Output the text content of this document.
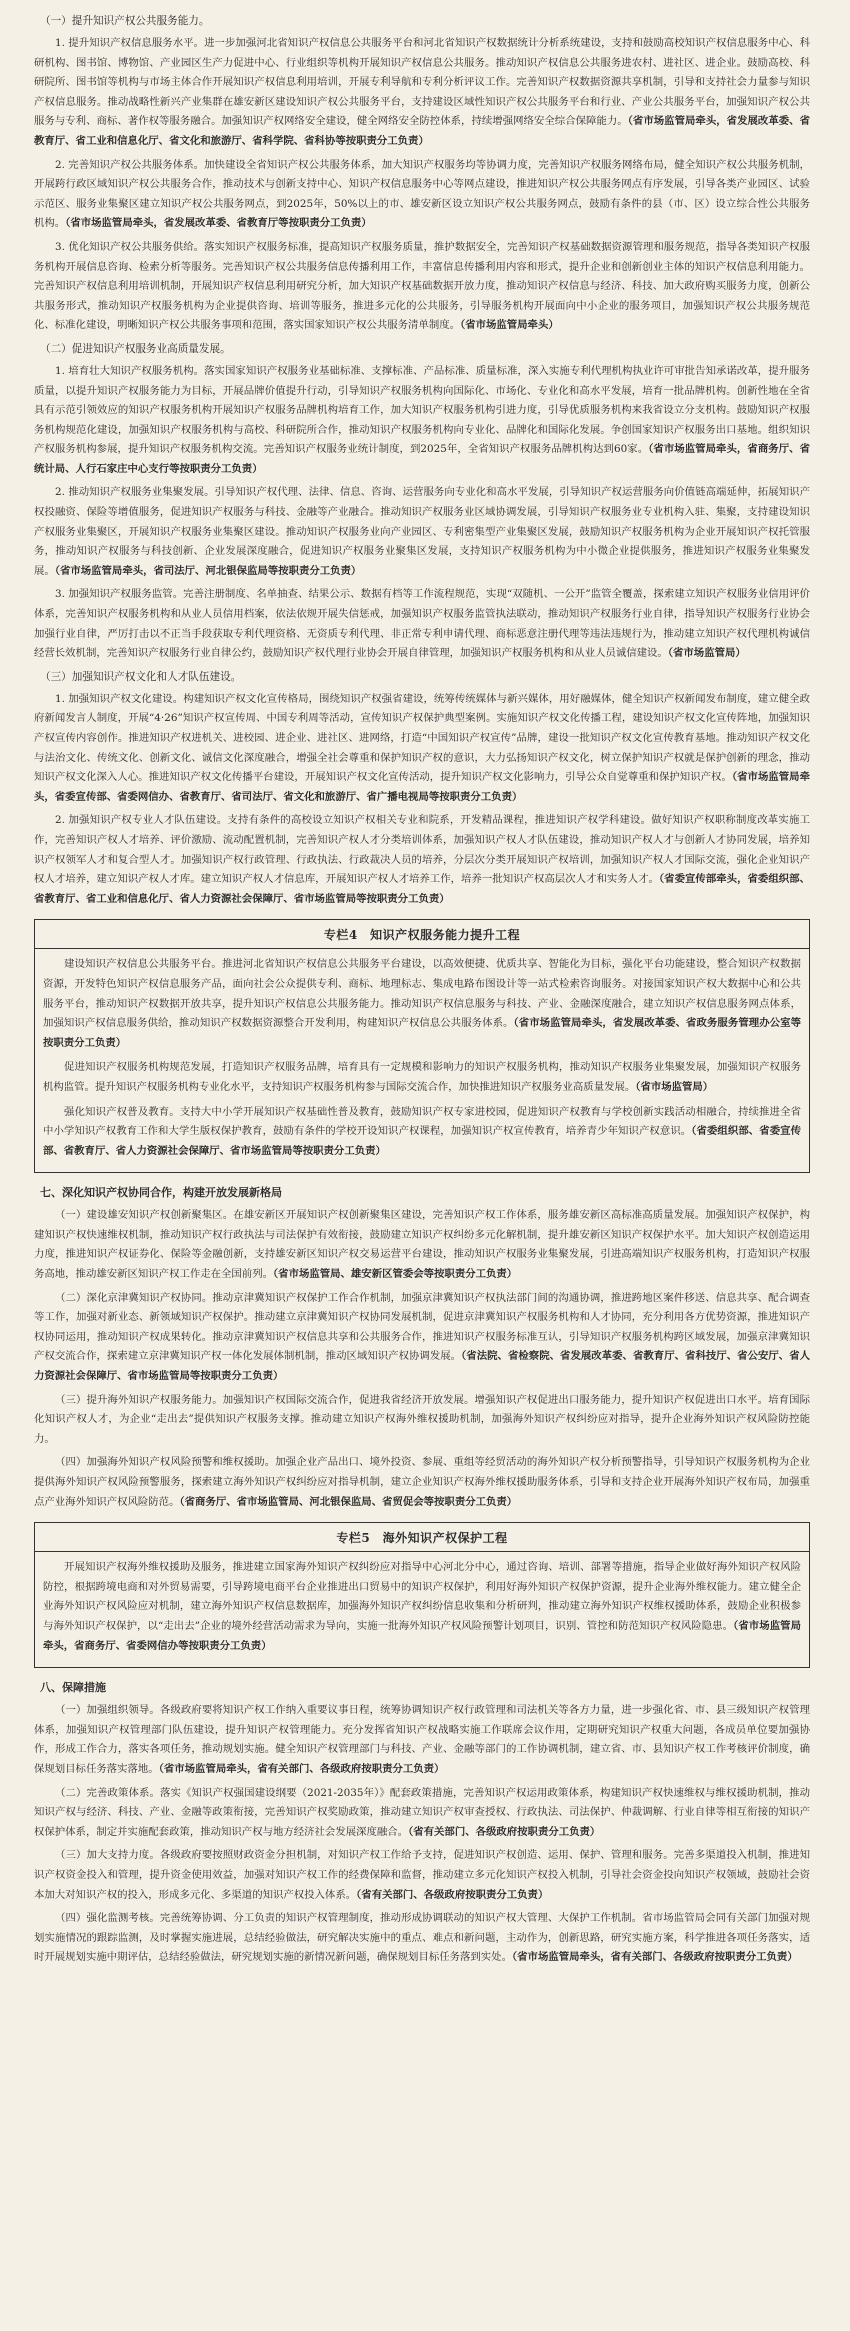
（一）提升知识产权公共服务能力。

1. 提升知识产权信息服务水平。进一步加强河北省知识产权信息公共服务平台和河北省知识产权数据统计分析系统建设，支持和鼓励高校知识产权信息服务中心、科研机构、图书馆、博物馆、产业园区生产力促进中心、行业组织等机构开展知识产权信息公共服务。推动知识产权信息公共服务进农村、进社区、进企业。鼓励高校、科研院所、图书馆等机构与市场主体合作开展知识产权信息利用培训，开展专利导航和专利分析评议工作。完善知识产权数据资源共享机制，引导和支持社会力量参与知识产权信息服务。推动战略性新兴产业集群在雄安新区建设知识产权公共服务平台，支持建设区域性知识产权公共服务平台和行业、产业公共服务平台，加强知识产权公共服务与专利、商标、著作权等服务融合。加强知识产权网络安全建设，健全网络安全防控体系，持续增强网络安全综合保障能力。（省市场监管局牵头，省发展改革委、省教育厅、省工业和信息化厅、省文化和旅游厅、省科学院、省科协等按职责分工负责）

2. 完善知识产权公共服务体系。加快建设全省知识产权公共服务体系，加大知识产权服务均等协调力度，完善知识产权服务网络布局，健全知识产权公共服务机制，开展跨行政区域知识产权公共服务合作，推动技术与创新支持中心、知识产权信息服务中心等网点建设，推进知识产权公共服务网点有序发展，引导各类产业园区、试验示范区、服务业集聚区建立知识产权公共服务网点，到2025年，50%以上的市、雄安新区设立知识产权公共服务网点，鼓励有条件的县（市、区）设立综合性公共服务机构。（省市场监管局牵头，省发展改革委、省教育厅等按职责分工负责）

3. 优化知识产权公共服务供给。落实知识产权服务标准，提高知识产权服务质量，推护数据安全，完善知识产权基础数据资源管理和服务规范，指导各类知识产权服务机构开展信息咨询、检索分析等服务。完善知识产权公共服务信息传播利用工作，丰富信息传播利用内容和形式，提升企业和创新创业主体的知识产权信息利用能力。完善知识产权信息利用培训机制，开展知识产权信息利用研究分析，加大知识产权基础数据开放力度，推动知识产权信息与经济、科技、加大政府购买服务力度，创新公共服务形式，推动知识产权服务机构为企业提供咨询、培训等服务，推进多元化的公共服务，引导服务机构开展面向中小企业的服务项目，加强知识产权公共服务规范化、标准化建设，明晰知识产权公共服务事项和范围，落实国家知识产权公共服务清单制度。（省市场监管局牵头）

（二）促进知识产权服务业高质量发展。

1. 培育壮大知识产权服务机构。落实国家知识产权服务业基础标准、支撑标准、产品标准、质量标准，深入实施专利代理机构执业许可审批告知承诺改革，提升服务质量，以提升知识产权服务能力为目标，开展品牌价值提升行动，引导知识产权服务机构向国际化、市场化、专业化和高水平发展，培育一批品牌机构。创新性地在全省具有示范引领效应的知识产权服务机构开展知识产权服务品牌机构培育工作，加大知识产权服务机构引进力度，引导优质服务机构来我省设立分支机构。鼓励知识产权服务机构规范化建设，加强知识产权服务机构与高校、科研院所合作，推动知识产权服务机构向专业化、品牌化和国际化发展。争创国家知识产权服务出口基地。组织知识产权服务机构参展，提升知识产权服务机构交流。完善知识产权服务业统计制度，到2025年，全省知识产权服务品牌机构达到60家。（省市场监管局牵头，省商务厅、省统计局、人行石家庄中心支行等按职责分工负责）

2. 推动知识产权服务业集聚发展。引导知识产权代理、法律、信息、咨询、运营服务向专业化和高水平发展，引导知识产权运营服务向价值链高端延伸，拓展知识产权投融资、保险等增值服务，促进知识产权服务与科技、金融等产业融合。推动知识产权服务业区域协调发展，引导知识产权服务业专业机构入驻、集聚，支持建设知识产权服务业集聚区，开展知识产权服务业集聚区建设。推动知识产权服务业向产业园区、专利密集型产业集聚区发展，鼓励知识产权服务机构为企业开展知识产权托管服务，推动知识产权服务与科技创新、企业发展深度融合，促进知识产权服务业聚集区发展，支持知识产权服务机构为中小微企业提供服务，推进知识产权服务业集聚发展。（省市场监管局牵头，省司法厅、河北银保监局等按职责分工负责）

3. 加强知识产权服务监管。完善注册制度、名单抽查、结果公示、数据有档等工作流程规范，实现“双随机、一公开”监管全覆盖，探索建立知识产权服务业信用评价体系，完善知识产权服务机构和从业人员信用档案，依法依规开展失信惩戒，加强知识产权服务监管执法联动，推动知识产权服务行业自律，指导知识产权服务行业协会加强行业自律，严厉打击以不正当手段获取专利代理资格、无资质专利代理、非正常专利申请代理、商标恶意注册代理等违法违规行为，推动建立知识产权代理机构诚信经营长效机制，完善知识产权服务行业自律公约，鼓励知识产权代理行业协会开展自律管理，加强知识产权服务机构和从业人员诚信建设。（省市场监管局）

（三）加强知识产权文化和人才队伍建设。

1. 加强知识产权文化建设。构建知识产权文化宣传格局，围绕知识产权强省建设，统筹传统媒体与新兴媒体，用好融媒体，健全知识产权新闻发布制度，建立健全政府新闻发言人制度，开展“4·26”知识产权宣传周、中国专利周等活动，宣传知识产权保护典型案例。实施知识产权文化传播工程，建设知识产权文化宣传阵地，加强知识产权宣传内容创作。推进知识产权进机关、进校园、进企业、进社区、进网络，打造“中国知识产权宣传”品牌，建设一批知识产权文化宣传教育基地。推动知识产权文化与法治文化、传统文化、创新文化、诚信文化深度融合，增强全社会尊重和保护知识产权的意识，大力弘扬知识产权文化，树立保护知识产权就是保护创新的理念，推动知识产权文化深入人心。推进知识产权文化传播平台建设，开展知识产权文化宣传活动，提升知识产权文化影响力，引导公众自觉尊重和保护知识产权。（省市场监管局牵头，省委宣传部、省委网信办、省教育厅、省司法厅、省文化和旅游厅、省广播电视局等按职责分工负责）

2. 加强知识产权专业人才队伍建设。支持有条件的高校设立知识产权相关专业和院系，开发精品课程，推进知识产权学科建设。做好知识产权职称制度改革实施工作，完善知识产权人才培养、评价激励、流动配置机制，完善知识产权人才分类培训体系，加强知识产权人才队伍建设，推动知识产权人才与创新人才协同发展，培养知识产权领军人才和复合型人才。加强知识产权行政管理、行政执法、行政裁决人员的培养，分层次分类开展知识产权培训，加强知识产权人才国际交流，强化企业知识产权人才培养，建立知识产权人才库。建立知识产权人才信息库，开展知识产权人才培养工作，培养一批知识产权高层次人才和实务人才。（省委宣传部牵头，省委组织部、省教育厅、省工业和信息化厅、省人力资源社会保障厅、省市场监管局等按职责分工负责）

专栏4　知识产权服务能力提升工程

建设知识产权信息公共服务平台。推进河北省知识产权信息公共服务平台建设，以高效便捷、优质共享、智能化为目标，强化平台功能建设，整合知识产权数据资源，开发特色知识产权信息服务产品，面向社会公众提供专利、商标、地理标志、集成电路布图设计等一站式检索咨询服务。对接国家知识产权大数据中心和公共服务平台，推动知识产权数据开放共享，提升知识产权信息公共服务能力。推动知识产权信息服务与科技、产业、金融深度融合，建立知识产权信息服务网点体系，加强知识产权信息服务供给，推动知识产权数据资源整合开发利用，构建知识产权信息公共服务体系。（省市场监管局牵头，省发展改革委、省政务服务管理办公室等按职责分工负责）

促进知识产权服务机构规范发展，打造知识产权服务品牌，培育具有一定规模和影响力的知识产权服务机构，推动知识产权服务业集聚发展，加强知识产权服务机构监管。提升知识产权服务机构专业化水平，支持知识产权服务机构参与国际交流合作，加快推进知识产权服务业高质量发展。（省市场监管局）

强化知识产权普及教育。支持大中小学开展知识产权基础性普及教育，鼓励知识产权专家进校园，促进知识产权教育与学校创新实践活动相融合，持续推进全省中小学知识产权教育工作和大学生版权保护教育，鼓励有条件的学校开设知识产权课程，加强知识产权宣传教育，培养青少年知识产权意识。（省委组织部、省委宣传部、省教育厅、省人力资源社会保障厅、省市场监管局等按职责分工负责）

七、深化知识产权协同合作，构建开放发展新格局

（一）建设雄安知识产权创新聚集区。在雄安新区开展知识产权创新聚集区建设，完善知识产权工作体系，服务雄安新区高标准高质量发展。加强知识产权保护，构建知识产权快速维权机制，推动知识产权行政执法与司法保护有效衔接，鼓励建立知识产权纠纷多元化解机制，提升雄安新区知识产权保护水平。加大知识产权创造运用力度，推进知识产权证券化、保险等金融创新，支持雄安新区知识产权交易运营平台建设，推动知识产权服务业集聚发展，引进高端知识产权服务机构，打造知识产权服务高地，推动雄安新区知识产权工作走在全国前列。（省市场监管局、雄安新区管委会等按职责分工负责）

（二）深化京津冀知识产权协同。推动京津冀知识产权保护工作合作机制，加强京津冀知识产权执法部门间的沟通协调，推进跨地区案件移送、信息共享、配合调查等工作，加强对新业态、新领域知识产权保护。推动建立京津冀知识产权协同发展机制，促进京津冀知识产权服务机构和人才协同，充分利用各方优势资源，推进知识产权协同运用，推动知识产权成果转化。推动京津冀知识产权信息共享和公共服务合作，推进知识产权服务标准互认，引导知识产权服务机构跨区域发展，加强京津冀知识产权交流合作，探索建立京津冀知识产权一体化发展体制机制，推动区域知识产权协调发展。（省法院、省检察院、省发展改革委、省教育厅、省科技厅、省公安厅、省人力资源社会保障厅、省市场监管局等按职责分工负责）

（三）提升海外知识产权服务能力。加强知识产权国际交流合作，促进我省经济开放发展。增强知识产权促进出口服务能力，提升知识产权促进出口水平。培育国际化知识产权人才，为企业“走出去”提供知识产权服务支撑。推动建立知识产权海外维权援助机制，加强海外知识产权纠纷应对指导，提升企业海外知识产权风险防控能力。

（四）加强海外知识产权风险预警和维权援助。加强企业产品出口、境外投资、参展、重组等经贸活动的海外知识产权分析预警指导，引导知识产权服务机构为企业提供海外知识产权风险预警服务，探索建立海外知识产权纠纷应对指导机制，建立企业知识产权海外维权援助服务体系，引导和支持企业开展海外知识产权布局，加强重点产业海外知识产权风险防范。（省商务厅、省市场监管局、河北银保监局、省贸促会等按职责分工负责）

专栏5　海外知识产权保护工程

开展知识产权海外维权援助及服务，推进建立国家海外知识产权纠纷应对指导中心河北分中心，通过咨询、培训、部署等措施，指导企业做好海外知识产权风险防控，根据跨境电商和对外贸易需要，引导跨境电商平台企业推进出口贸易中的知识产权保护，利用好海外知识产权保护资源，提升企业海外维权能力。建立健全企业海外知识产权风险应对机制，建立海外知识产权信息数据库，加强海外知识产权纠纷信息收集和分析研判，推动建立海外知识产权维权援助体系，鼓励企业积极参与海外知识产权保护，以“走出去”企业的境外经营活动需求为导向，实施一批海外知识产权风险预警计划项目，识别、管控和防范知识产权风险隐患。（省市场监管局牵头，省商务厅、省委网信办等按职责分工负责）

八、保障措施

（一）加强组织领导。各级政府要将知识产权工作纳入重要议事日程，统筹协调知识产权行政管理和司法机关等各方力量，进一步强化省、市、县三级知识产权管理体系，加强知识产权管理部门队伍建设，提升知识产权管理能力。充分发挥省知识产权战略实施工作联席会议作用，定期研究知识产权重大问题，各成员单位要加强协作，形成工作合力，落实各项任务，推动规划实施。健全知识产权管理部门与科技、产业、金融等部门的工作协调机制，建立省、市、县知识产权工作考核评价制度，确保规划目标任务落实落地。（省市场监管局牵头，省有关部门、各级政府按职责分工负责）

（二）完善政策体系。落实《知识产权强国建设纲要（2021-2035年）》配套政策措施，完善知识产权运用政策体系，构建知识产权快速维权与维权援助机制，推动知识产权与经济、科技、产业、金融等政策衔接，完善知识产权奖励政策，推动建立知识产权审查授权、行政执法、司法保护、仲裁调解、行业自律等相互衔接的知识产权保护体系，制定并实施配套政策，推动知识产权与地方经济社会发展深度融合。（省有关部门、各级政府按职责分工负责）

（三）加大支持力度。各级政府要按照财政资金分担机制，对知识产权工作给予支持，促进知识产权创造、运用、保护、管理和服务。完善多渠道投入机制，推进知识产权资金投入和管理，提升资金使用效益，加强对知识产权工作的经费保障和监督，推动建立多元化知识产权投入机制，引导社会资金投向知识产权领域，鼓励社会资本加大对知识产权的投入，形成多元化、多渠道的知识产权投入体系。（省有关部门、各级政府按职责分工负责）

（四）强化监测考核。完善统筹协调、分工负责的知识产权管理制度，推动形成协调联动的知识产权大管理、大保护工作机制。省市场监管局会同有关部门加强对规划实施情况的跟踪监测，及时掌握实施进展，总结经验做法，研究解决实施中的重点、难点和新问题，主动作为，创新思路，研究实施方案，科学推进各项任务落实，适时开展规划实施中期评估，总结经验做法，研究规划实施的新情况新问题，确保规划目标任务落到实处。（省市场监管局牵头，省有关部门、各级政府按职责分工负责）
